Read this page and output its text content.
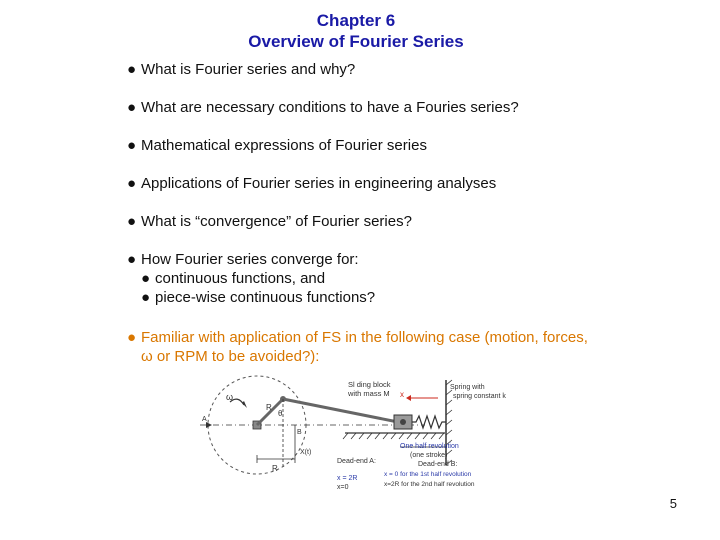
Chapter 6
Overview of Fourier Series
● What is Fourier series and why?
● What are necessary conditions to have a Fouries series?
● Mathematical expressions of Fourier series
● Applications of Fourier series in engineering analyses
● What is “convergence” of Fourier series?
● How Fourier series converge for:
● continuous functions, and
● piece-wise continuous functions?
● Familiar with application of FS in the following case (motion, forces,
ω or RPM to be avoided?):
Sl ding block
with mass M
Spring with
spring constant k
ω
R
θ
A
B
x
X(t)
R
One half revolution
(one stroke)
Dead-end A:
x = 2R
x=0
Dead-end B:
x = 0 for the 1st half revolution
x=2R for the 2nd half revolution
5
